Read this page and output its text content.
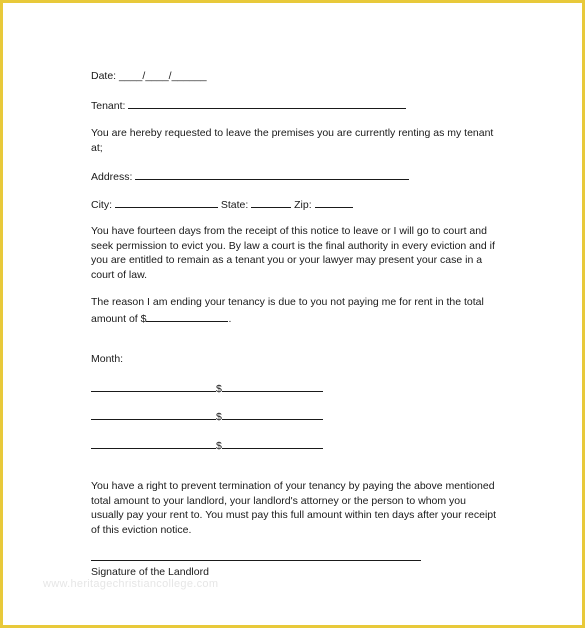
Date: ____/____/______
Tenant:
You are hereby requested to leave the premises you are currently renting as my tenant at;
Address:
City:	State:	Zip:
You have fourteen days from the receipt of this notice to leave or I will go to court and seek permission to evict you. By law a court is the final authority in every eviction and if you are entitled to remain as a tenant you or your lawyer may present your case in a court of law.
The reason I am ending your tenancy is due to you not paying me for rent in the total amount of $	.
Month:
$
$
$
You have a right to prevent termination of your tenancy by paying the above mentioned total amount to your landlord, your landlord's attorney or the person to whom you usually pay your rent to. You must pay this full amount within ten days after your receipt of this eviction notice.
Signature of the Landlord
www.heritagechristiancollege.com
